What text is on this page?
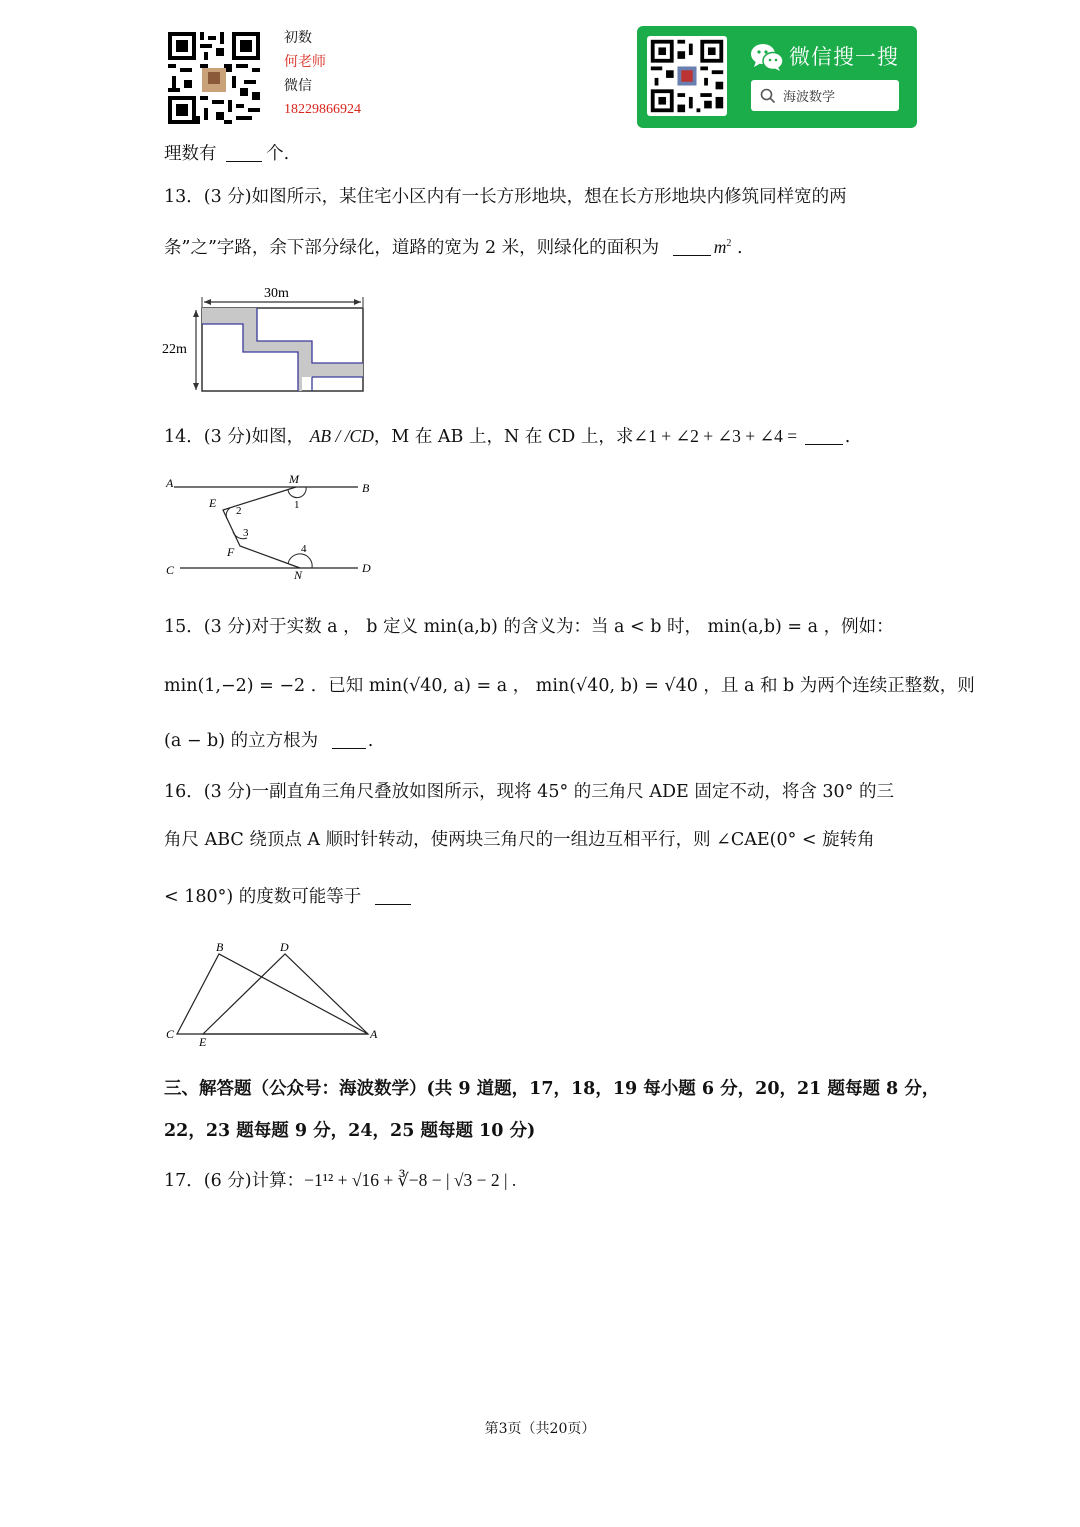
初数
何老师
微信
18229866924
微信搜一搜
海波数学
理数有	个.
13．(3 分)如图所示，某住宅小区内有一长方形地块，想在长方形地块内修筑同样宽的两
条”之”字路，余下部分绿化，道路的宽为 2 米，则绿化的面积为	$m^2$ .
30m
22m
14．(3 分)如图， AB / /CD，M 在 AB 上，N 在 CD 上，求∠1 + ∠2 + ∠3 + ∠4 =	.
A	B
C	D
E
F
M
N
1
2
3
4
15．(3 分)对于实数 a ， b 定义 min(a,b) 的含义为：当 a < b 时， min(a,b) = a ，例如：
min(1,−2) = −2 ．已知 min(√40, a) = a ， min(√40, b) = √40 ，且 a 和 b 为两个连续正整数，则
(a − b) 的立方根为	.
16．(3 分)一副直角三角尺叠放如图所示，现将 45° 的三角尺 ADE 固定不动，将含 30° 的三
角尺 ABC 绕顶点 A 顺时针转动，使两块三角尺的一组边互相平行，则 ∠CAE(0° < 旋转角
< 180°) 的度数可能等于
B	D
C
E
A
三、解答题（公众号：海波数学）(共 9 道题，17，18，19 每小题 6 分，20，21 题每题 8 分，
22，23 题每题 9 分，24，25 题每题 10 分)
17．(6 分)计算：−1¹² + √16 + ∛−8 − | √3 − 2 | .
第3页（共20页）
